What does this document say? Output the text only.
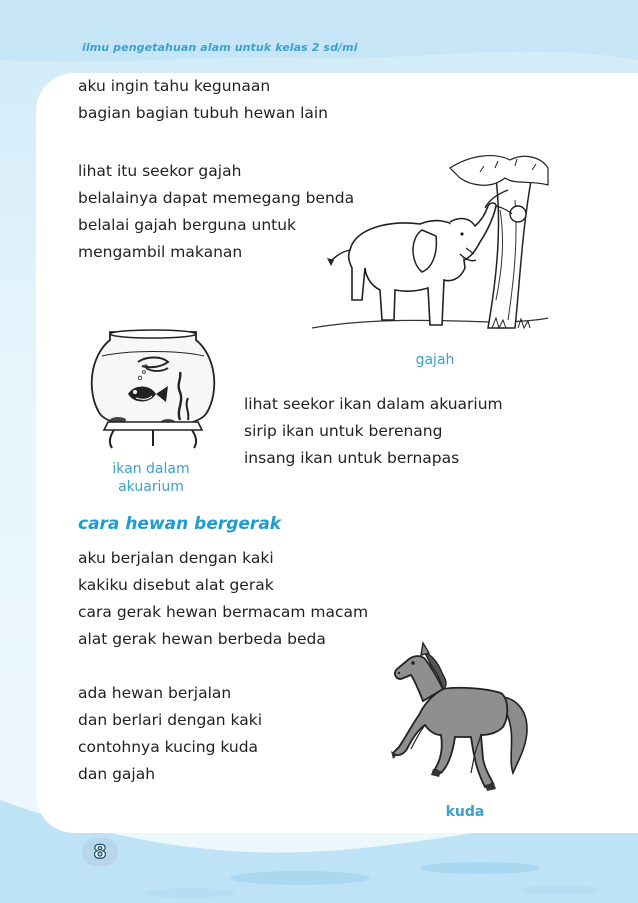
ilmu pengetahuan alam untuk kelas 2 sd/mi
aku ingin tahu kegunaan
bagian bagian tubuh hewan lain
lihat itu seekor gajah
belalainya dapat memegang benda
belalai gajah berguna untuk
mengambil makanan
gajah
ikan dalam
akuarium
lihat seekor ikan dalam akuarium
sirip ikan untuk berenang
insang ikan untuk bernapas
cara hewan bergerak
aku berjalan dengan kaki
kakiku disebut alat gerak
cara gerak hewan bermacam macam
alat gerak hewan berbeda beda
ada hewan berjalan
dan berlari dengan kaki
contohnya kucing kuda
dan gajah
kuda
8
